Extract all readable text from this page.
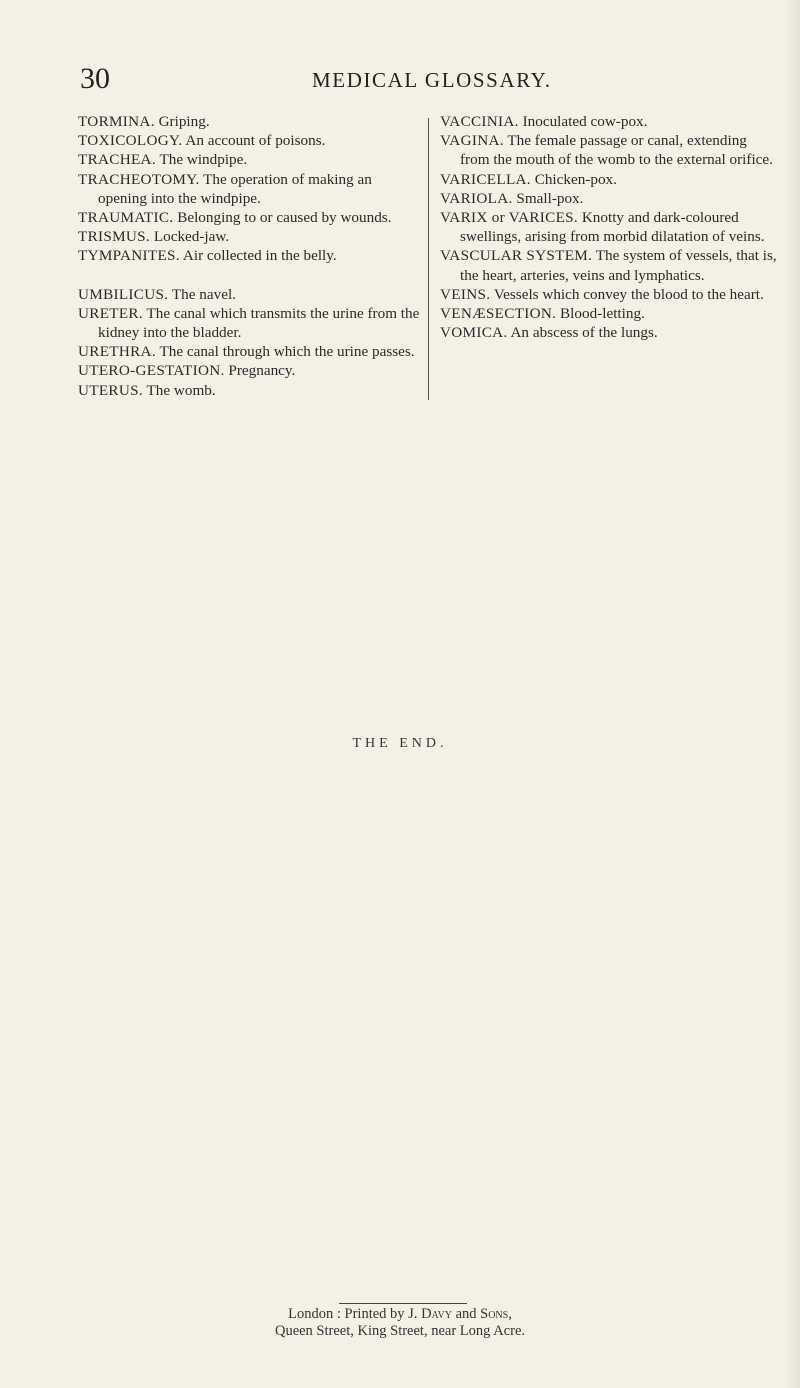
30	MEDICAL GLOSSARY.

TORMINA. Griping.

TOXICOLOGY. An account of poisons.

TRACHEA. The windpipe.

TRACHEOTOMY. The operation of making an opening into the windpipe.

TRAUMATIC. Belonging to or caused by wounds.

TRISMUS. Locked-jaw.

TYMPANITES. Air collected in the belly.

UMBILICUS. The navel.

URETER. The canal which transmits the urine from the kidney into the bladder.

URETHRA. The canal through which the urine passes.

UTERO-GESTATION. Pregnancy.

UTERUS. The womb.

VACCINIA. Inoculated cow-pox.

VAGINA. The female passage or canal, extending from the mouth of the womb to the external orifice.

VARICELLA. Chicken-pox.

VARIOLA. Small-pox.

VARIX or VARICES. Knotty and dark-coloured swellings, arising from morbid dilatation of veins.

VASCULAR SYSTEM. The system of vessels, that is, the heart, arteries, veins and lymphatics.

VEINS. Vessels which convey the blood to the heart.

VENÆSECTION. Blood-letting.

VOMICA. An abscess of the lungs.

THE END.
London : Printed by J. Davy and Sons,
Queen Street, King Street, near Long Acre.
